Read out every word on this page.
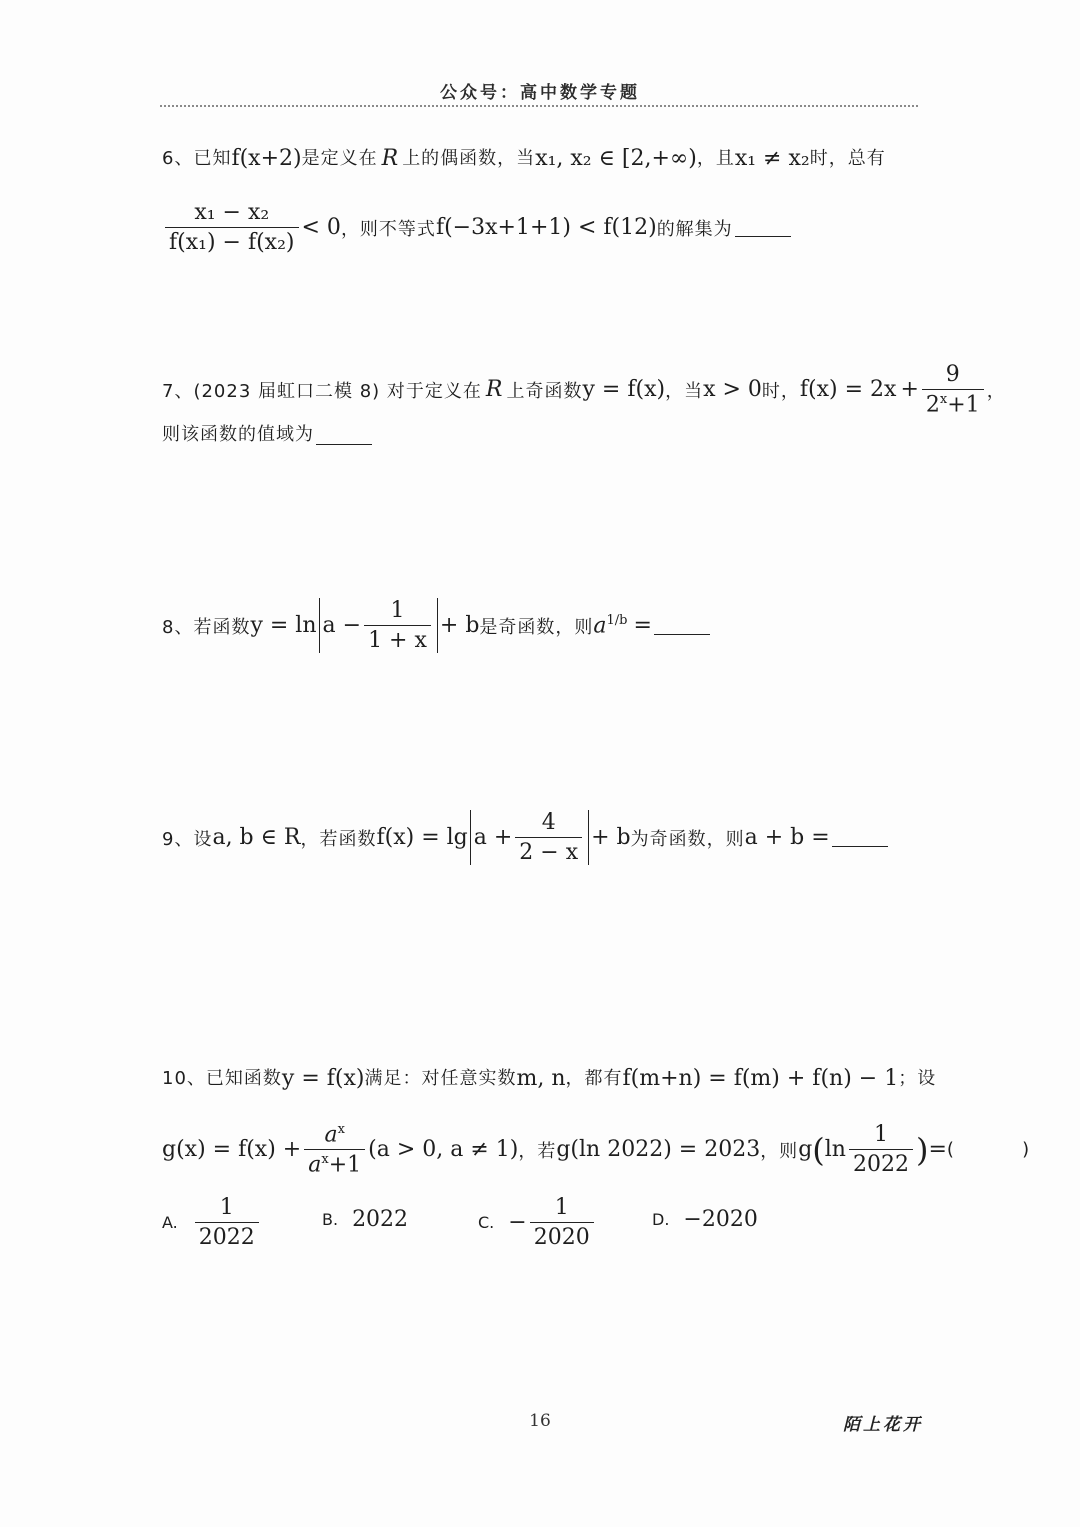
公众号：高中数学专题
6、已知 f(x+2) 是定义在 R 上的偶函数，当 x₁, x₂ ∈ [2,+∞) ，且 x₁ ≠ x₂ 时，总有
$\frac{\text{x₁ − x₂}}{\text{f(x₁) − f(x₂)}} < 0$ ，则不等式 f(−3 x+1 +1) < f(12) 的解集为
7、(2023 届虹口二模 8) 对于定义在 R 上奇函数 y = f(x) ，当 x > 0 时， f(x) = 2 $x + \frac{9}{2^x+1}$ ，
则该函数的值域为
8、若函数 $y = \ln a - \frac{1}{1 + x} + b$ 是奇函数，则 $a^{1/b}$ =
9、设 a, b ∈ R ，若函数 $f(x) = \lg a + \frac{4}{2 - x} + b$ 为奇函数，则 a + b =
10、已知函数 y = f(x) 满足：对任意实数 m, n ，都有 f(m+n) = f(m) + f(n) − 1 ；设
$g(x) = f(x) + \frac{a^x}{a^x+1} (a > 0$, a ≠ 1) ，若 g(ln 2022) = 2023 ，则 g ( $\ln \frac{1}{2022}$ ) = (          )
A. $\frac{1}{2022}$	B. 2022	C. − $\frac{1}{2020}$	D. −2020
16	陌上花开
